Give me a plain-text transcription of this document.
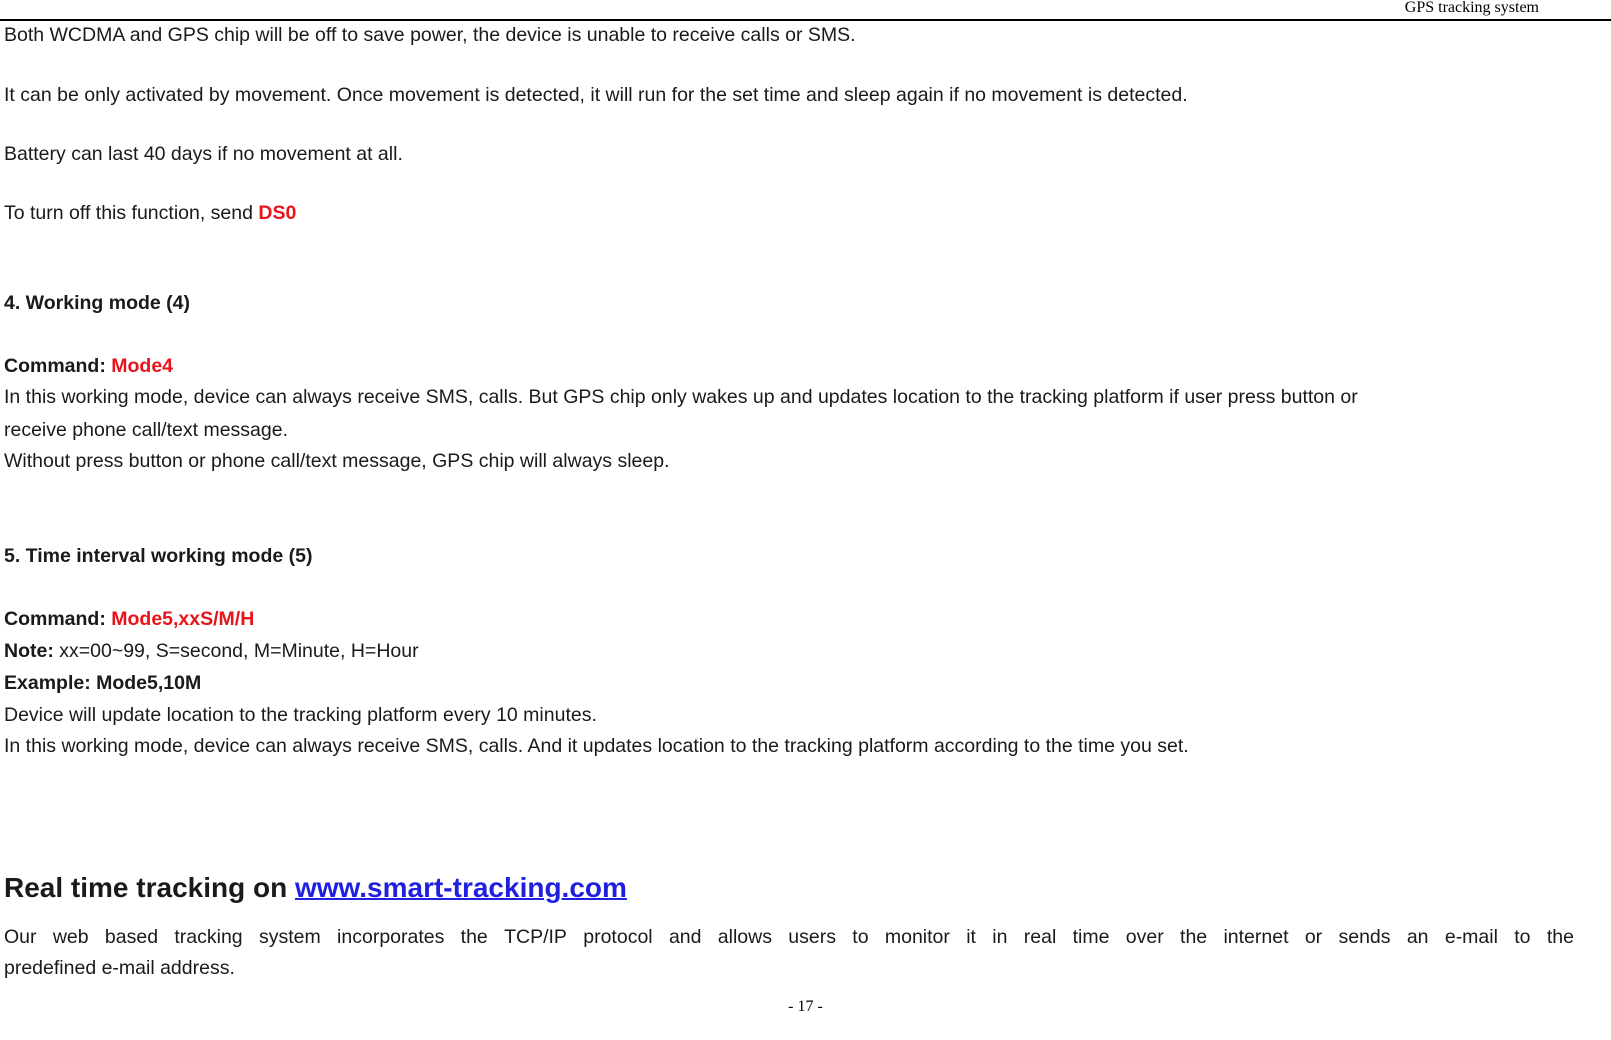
GPS tracking system
Both WCDMA and GPS chip will be off to save power, the device is unable to receive calls or SMS.
It can be only activated by movement. Once movement is detected, it will run for the set time and sleep again if no movement is detected.
Battery can last 40 days if no movement at all.
To turn off this function, send DS0
4. Working mode (4)
Command: Mode4
In this working mode, device can always receive SMS, calls. But GPS chip only wakes up and updates location to the tracking platform if user press button or
receive phone call/text message.
Without press button or phone call/text message, GPS chip will always sleep.
5. Time interval working mode (5)
Command: Mode5,xxS/M/H
Note: xx=00~99, S=second, M=Minute, H=Hour
Example: Mode5,10M
Device will update location to the tracking platform every 10 minutes.
In this working mode, device can always receive SMS, calls. And it updates location to the tracking platform according to the time you set.
Real time tracking on www.smart-tracking.com
Our web based tracking system incorporates the TCP/IP protocol and allows users to monitor it in real time over the internet or sends an e-mail to the
predefined e-mail address.
- 17 -
